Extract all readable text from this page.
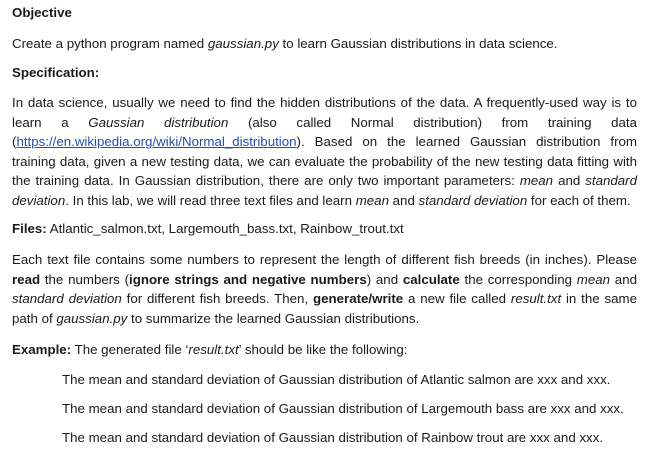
Objective

Create a python program named gaussian.py to learn Gaussian distributions in data science.

Specification:

In data science, usually we need to find the hidden distributions of the data. A frequently-used way is to learn a Gaussian distribution (also called Normal distribution) from training data (https://en.wikipedia.org/wiki/Normal_distribution). Based on the learned Gaussian distribution from training data, given a new testing data, we can evaluate the probability of the new testing data fitting with the training data. In Gaussian distribution, there are only two important parameters: mean and standard deviation. In this lab, we will read three text files and learn mean and standard deviation for each of them.

Files: Atlantic_salmon.txt, Largemouth_bass.txt, Rainbow_trout.txt

Each text file contains some numbers to represent the length of different fish breeds (in inches). Please read the numbers (ignore strings and negative numbers) and calculate the corresponding mean and standard deviation for different fish breeds. Then, generate/write a new file called result.txt in the same path of gaussian.py to summarize the learned Gaussian distributions.

Example: The generated file ‘result.txt’ should be like the following:

The mean and standard deviation of Gaussian distribution of Atlantic salmon are xxx and xxx.

The mean and standard deviation of Gaussian distribution of Largemouth bass are xxx and xxx.

The mean and standard deviation of Gaussian distribution of Rainbow trout are xxx and xxx.
